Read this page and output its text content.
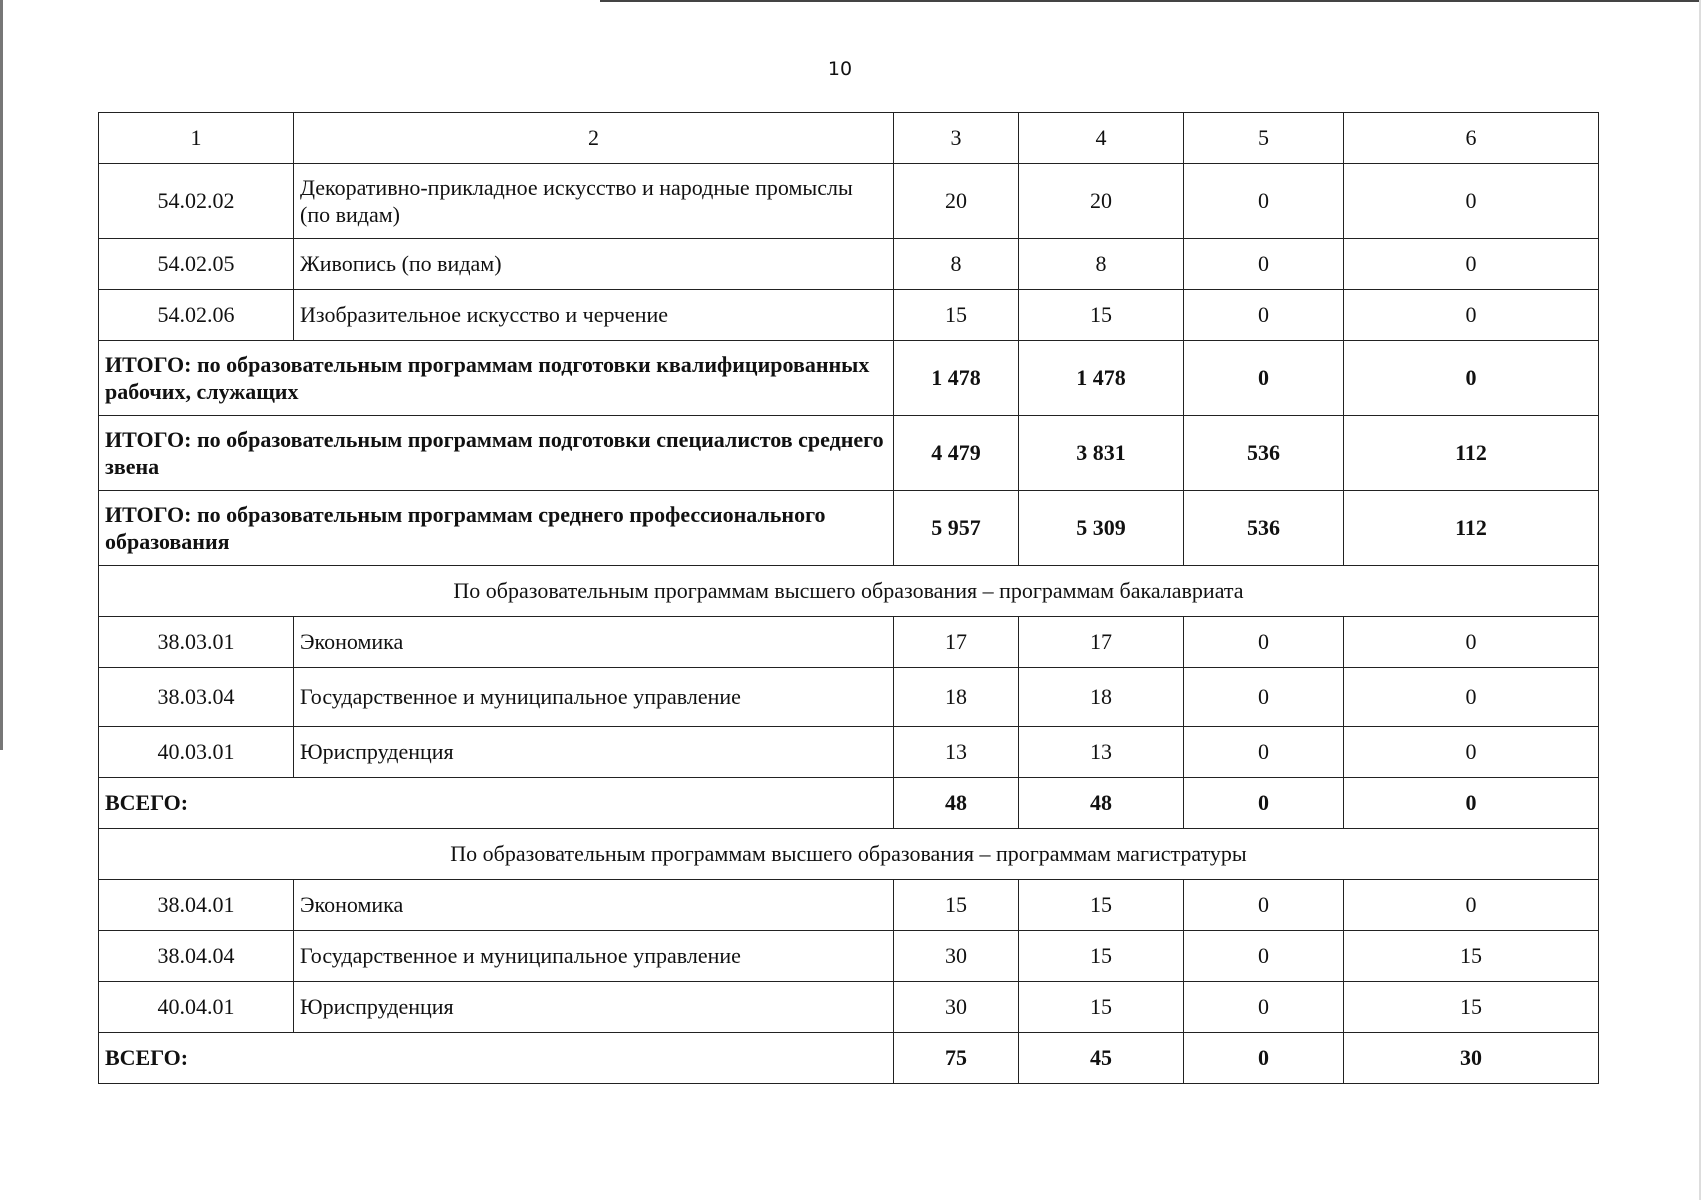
10
1	2	3	4	5	6
54.02.02	Декоративно-прикладное искусство и народные промыслы (по видам)	20	20	0	0
54.02.05	Живопись (по видам)	8	8	0	0
54.02.06	Изобразительное искусство и черчение	15	15	0	0
ИТОГО: по образовательным программам подготовки квалифицированных рабочих, служащих		1 478	1 478	0	0
ИТОГО: по образовательным программам подготовки специалистов среднего звена		4 479	3 831	536	112
ИТОГО: по образовательным программам среднего профессионального образования		5 957	5 309	536	112
По образовательным программам высшего образования – программам бакалавриата					
38.03.01	Экономика	17	17	0	0
38.03.04	Государственное и муниципальное управление	18	18	0	0
40.03.01	Юриспруденция	13	13	0	0
ВСЕГО:		48	48	0	0
По образовательным программам высшего образования – программам магистратуры					
38.04.01	Экономика	15	15	0	0
38.04.04	Государственное и муниципальное управление	30	15	0	15
40.04.01	Юриспруденция	30	15	0	15
ВСЕГО:		75	45	0	30
